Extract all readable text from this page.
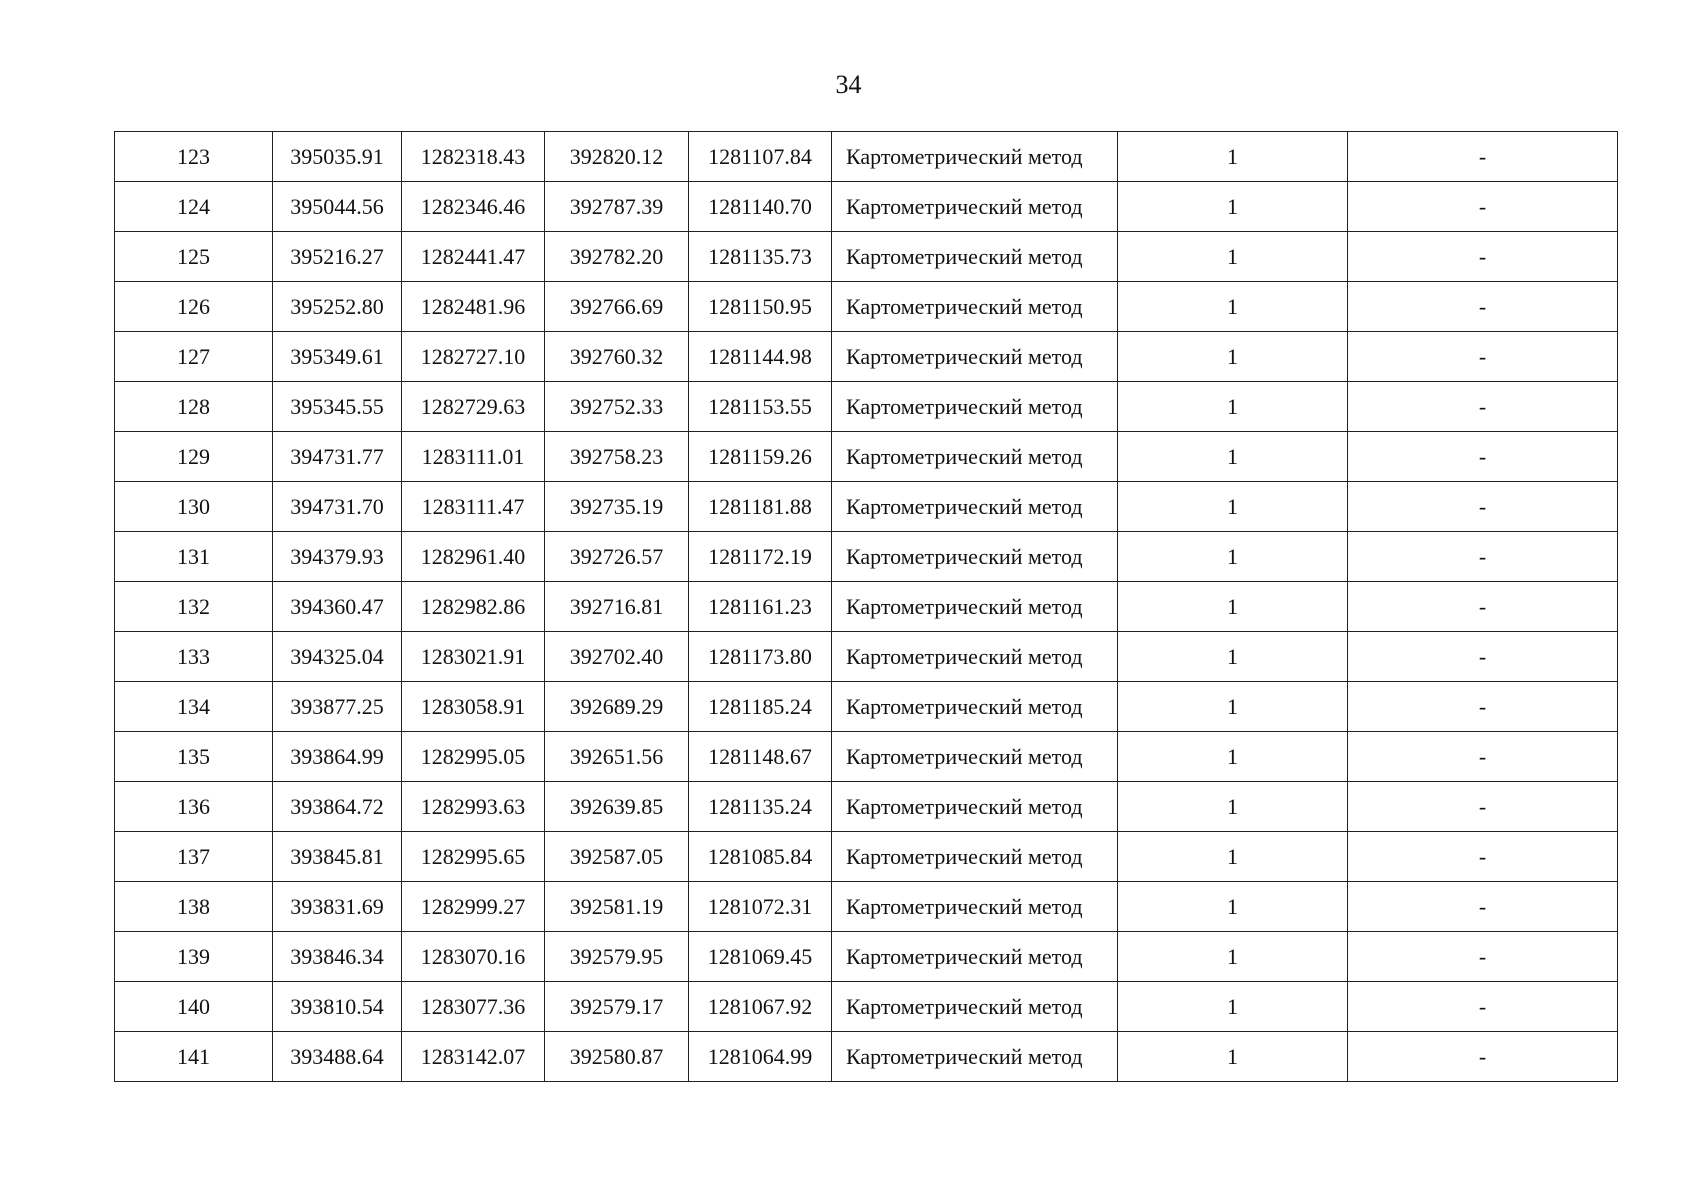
34
123	395035.91	1282318.43	392820.12	1281107.84	Картометрический метод	1	-
124	395044.56	1282346.46	392787.39	1281140.70	Картометрический метод	1	-
125	395216.27	1282441.47	392782.20	1281135.73	Картометрический метод	1	-
126	395252.80	1282481.96	392766.69	1281150.95	Картометрический метод	1	-
127	395349.61	1282727.10	392760.32	1281144.98	Картометрический метод	1	-
128	395345.55	1282729.63	392752.33	1281153.55	Картометрический метод	1	-
129	394731.77	1283111.01	392758.23	1281159.26	Картометрический метод	1	-
130	394731.70	1283111.47	392735.19	1281181.88	Картометрический метод	1	-
131	394379.93	1282961.40	392726.57	1281172.19	Картометрический метод	1	-
132	394360.47	1282982.86	392716.81	1281161.23	Картометрический метод	1	-
133	394325.04	1283021.91	392702.40	1281173.80	Картометрический метод	1	-
134	393877.25	1283058.91	392689.29	1281185.24	Картометрический метод	1	-
135	393864.99	1282995.05	392651.56	1281148.67	Картометрический метод	1	-
136	393864.72	1282993.63	392639.85	1281135.24	Картометрический метод	1	-
137	393845.81	1282995.65	392587.05	1281085.84	Картометрический метод	1	-
138	393831.69	1282999.27	392581.19	1281072.31	Картометрический метод	1	-
139	393846.34	1283070.16	392579.95	1281069.45	Картометрический метод	1	-
140	393810.54	1283077.36	392579.17	1281067.92	Картометрический метод	1	-
141	393488.64	1283142.07	392580.87	1281064.99	Картометрический метод	1	-
